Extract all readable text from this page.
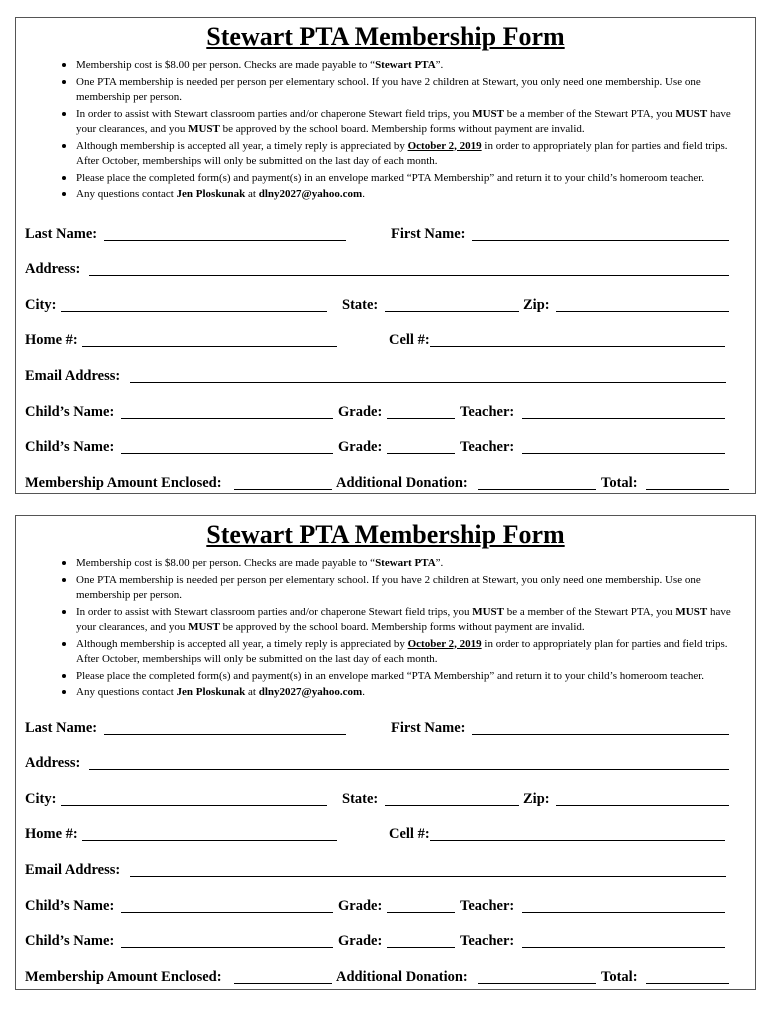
Stewart PTA Membership Form
• Membership cost is $8.00 per person. Checks are made payable to “Stewart PTA”.
• One PTA membership is needed per person per elementary school. If you have 2 children at Stewart, you only need one membership. Use one membership per person.
• In order to assist with Stewart classroom parties and/or chaperone Stewart field trips, you MUST be a member of the Stewart PTA, you MUST have your clearances, and you MUST be approved by the school board. Membership forms without payment are invalid.
• Although membership is accepted all year, a timely reply is appreciated by October 2, 2019 in order to appropriately plan for parties and field trips. After October, memberships will only be submitted on the last day of each month.
• Please place the completed form(s) and payment(s) in an envelope marked “PTA Membership” and return it to your child’s homeroom teacher.
• Any questions contact Jen Ploskunak at dlny2027@yahoo.com.
Last Name:	First Name:
Address:
City:	State:	Zip:
Home #:	Cell #:
Email Address:
Child’s Name:	Grade:	Teacher:
Child’s Name:	Grade:	Teacher:
Membership Amount Enclosed:	Additional Donation:	Total:
Stewart PTA Membership Form
• Membership cost is $8.00 per person. Checks are made payable to “Stewart PTA”.
• One PTA membership is needed per person per elementary school. If you have 2 children at Stewart, you only need one membership. Use one membership per person.
• In order to assist with Stewart classroom parties and/or chaperone Stewart field trips, you MUST be a member of the Stewart PTA, you MUST have your clearances, and you MUST be approved by the school board. Membership forms without payment are invalid.
• Although membership is accepted all year, a timely reply is appreciated by October 2, 2019 in order to appropriately plan for parties and field trips. After October, memberships will only be submitted on the last day of each month.
• Please place the completed form(s) and payment(s) in an envelope marked “PTA Membership” and return it to your child’s homeroom teacher.
• Any questions contact Jen Ploskunak at dlny2027@yahoo.com.
Last Name:	First Name:
Address:
City:	State:	Zip:
Home #:	Cell #:
Email Address:
Child’s Name:	Grade:	Teacher:
Child’s Name:	Grade:	Teacher:
Membership Amount Enclosed:	Additional Donation:	Total:
